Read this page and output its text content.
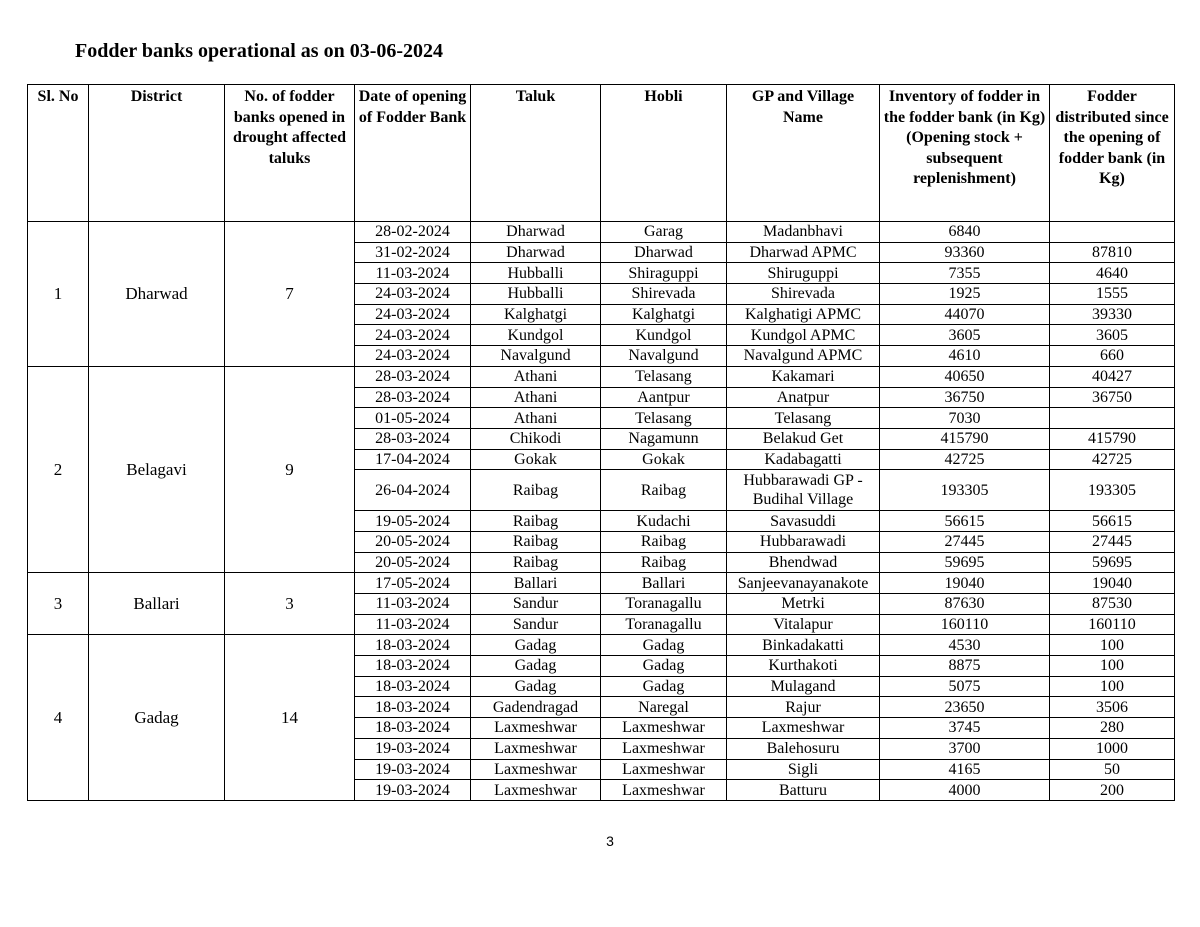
Fodder banks operational as on 03-06-2024
Sl. No	District	No. of fodder banks opened in drought affected taluks	Date of opening of Fodder Bank	Taluk	Hobli	GP and Village Name	Inventory of fodder in the fodder bank (in Kg) (Opening stock + subsequent replenishment)	Fodder distributed since the opening of fodder bank (in Kg)
1	Dharwad	7	28-02-2024	Dharwad	Garag	Madanbhavi	6840	
			31-02-2024	Dharwad	Dharwad	Dharwad APMC	93360	87810
			11-03-2024	Hubballi	Shiraguppi	Shiruguppi	7355	4640
			24-03-2024	Hubballi	Shirevada	Shirevada	1925	1555
			24-03-2024	Kalghatgi	Kalghatgi	Kalghatigi APMC	44070	39330
			24-03-2024	Kundgol	Kundgol	Kundgol APMC	3605	3605
			24-03-2024	Navalgund	Navalgund	Navalgund APMC	4610	660
2	Belagavi	9	28-03-2024	Athani	Telasang	Kakamari	40650	40427
			28-03-2024	Athani	Aantpur	Anatpur	36750	36750
			01-05-2024	Athani	Telasang	Telasang	7030	
			28-03-2024	Chikodi	Nagamunn	Belakud Get	415790	415790
			17-04-2024	Gokak	Gokak	Kadabagatti	42725	42725
			26-04-2024	Raibag	Raibag	Hubbarawadi GP - Budihal Village	193305	193305
			19-05-2024	Raibag	Kudachi	Savasuddi	56615	56615
			20-05-2024	Raibag	Raibag	Hubbarawadi	27445	27445
			20-05-2024	Raibag	Raibag	Bhendwad	59695	59695
3	Ballari	3	17-05-2024	Ballari	Ballari	Sanjeevanayanakote	19040	19040
			11-03-2024	Sandur	Toranagallu	Metrki	87630	87530
			11-03-2024	Sandur	Toranagallu	Vitalapur	160110	160110
4	Gadag	14	18-03-2024	Gadag	Gadag	Binkadakatti	4530	100
			18-03-2024	Gadag	Gadag	Kurthakoti	8875	100
			18-03-2024	Gadag	Gadag	Mulagand	5075	100
			18-03-2024	Gadendragad	Naregal	Rajur	23650	3506
			18-03-2024	Laxmeshwar	Laxmeshwar	Laxmeshwar	3745	280
			19-03-2024	Laxmeshwar	Laxmeshwar	Balehosuru	3700	1000
			19-03-2024	Laxmeshwar	Laxmeshwar	Sigli	4165	50
			19-03-2024	Laxmeshwar	Laxmeshwar	Batturu	4000	200
3
